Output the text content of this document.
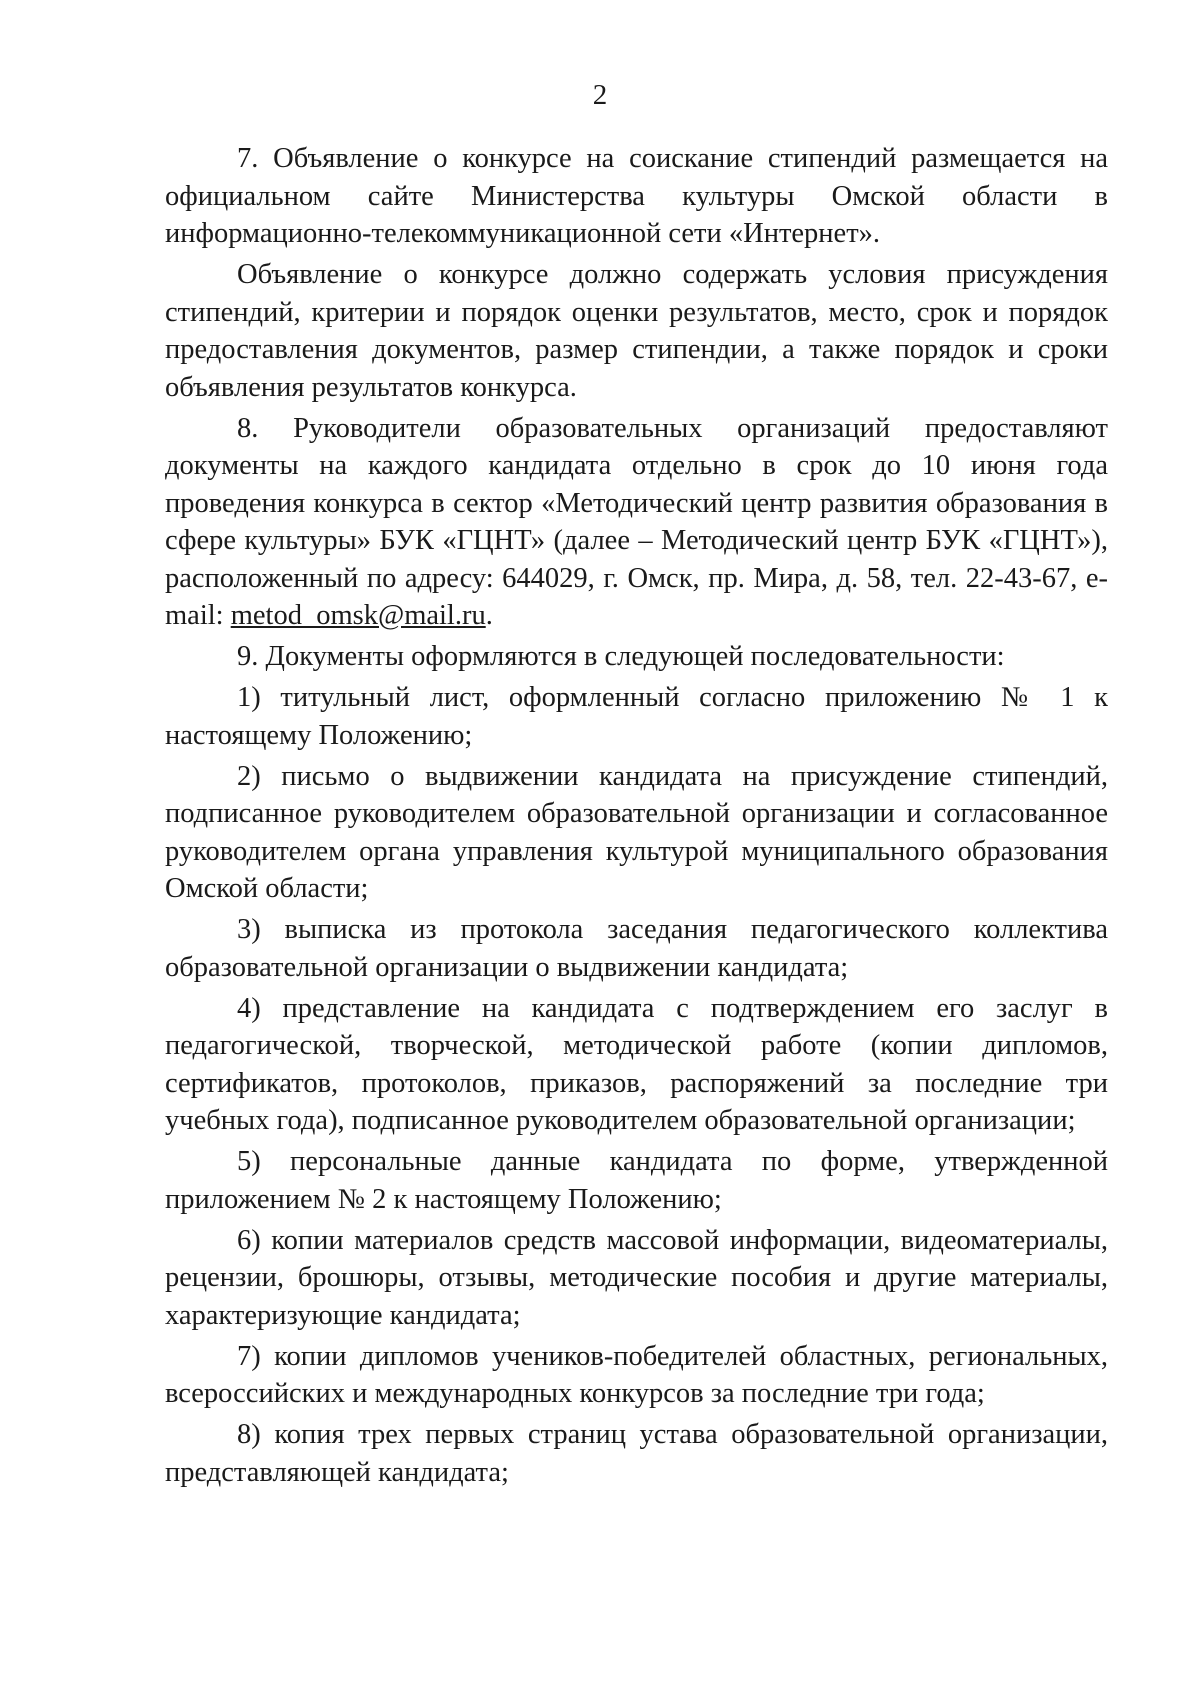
2

7. Объявление о конкурсе на соискание стипендий размещается на официальном сайте Министерства культуры Омской области в информационно-телекоммуникационной сети «Интернет».

Объявление о конкурсе должно содержать условия присуждения стипендий, критерии и порядок оценки результатов, место, срок и порядок предоставления документов, размер стипендии, а также порядок и сроки объявления результатов конкурса.

8. Руководители образовательных организаций предоставляют документы на каждого кандидата отдельно в срок до 10 июня года проведения конкурса в сектор «Методический центр развития образования в сфере культуры» БУК «ГЦНТ» (далее – Методический центр БУК «ГЦНТ»), расположенный по адресу: 644029, г. Омск, пр. Мира, д. 58, тел. 22-43-67, e-mail: metod_omsk@mail.ru.

9. Документы оформляются в следующей последовательности:

1) титульный лист, оформленный согласно приложению № 1 к настоящему Положению;

2) письмо о выдвижении кандидата на присуждение стипендий, подписанное руководителем образовательной организации и согласованное руководителем органа управления культурой муниципального образования Омской области;

3) выписка из протокола заседания педагогического коллектива образовательной организации о выдвижении кандидата;

4) представление на кандидата с подтверждением его заслуг в педагогической, творческой, методической работе (копии дипломов, сертификатов, протоколов, приказов, распоряжений за последние три учебных года), подписанное руководителем образовательной организации;

5) персональные данные кандидата по форме, утвержденной приложением № 2 к настоящему Положению;

6) копии материалов средств массовой информации, видеоматериалы, рецензии, брошюры, отзывы, методические пособия и другие материалы, характеризующие кандидата;

7) копии дипломов учеников-победителей областных, региональных, всероссийских и международных конкурсов за последние три года;

8) копия трех первых страниц устава образовательной организации, представляющей кандидата;
